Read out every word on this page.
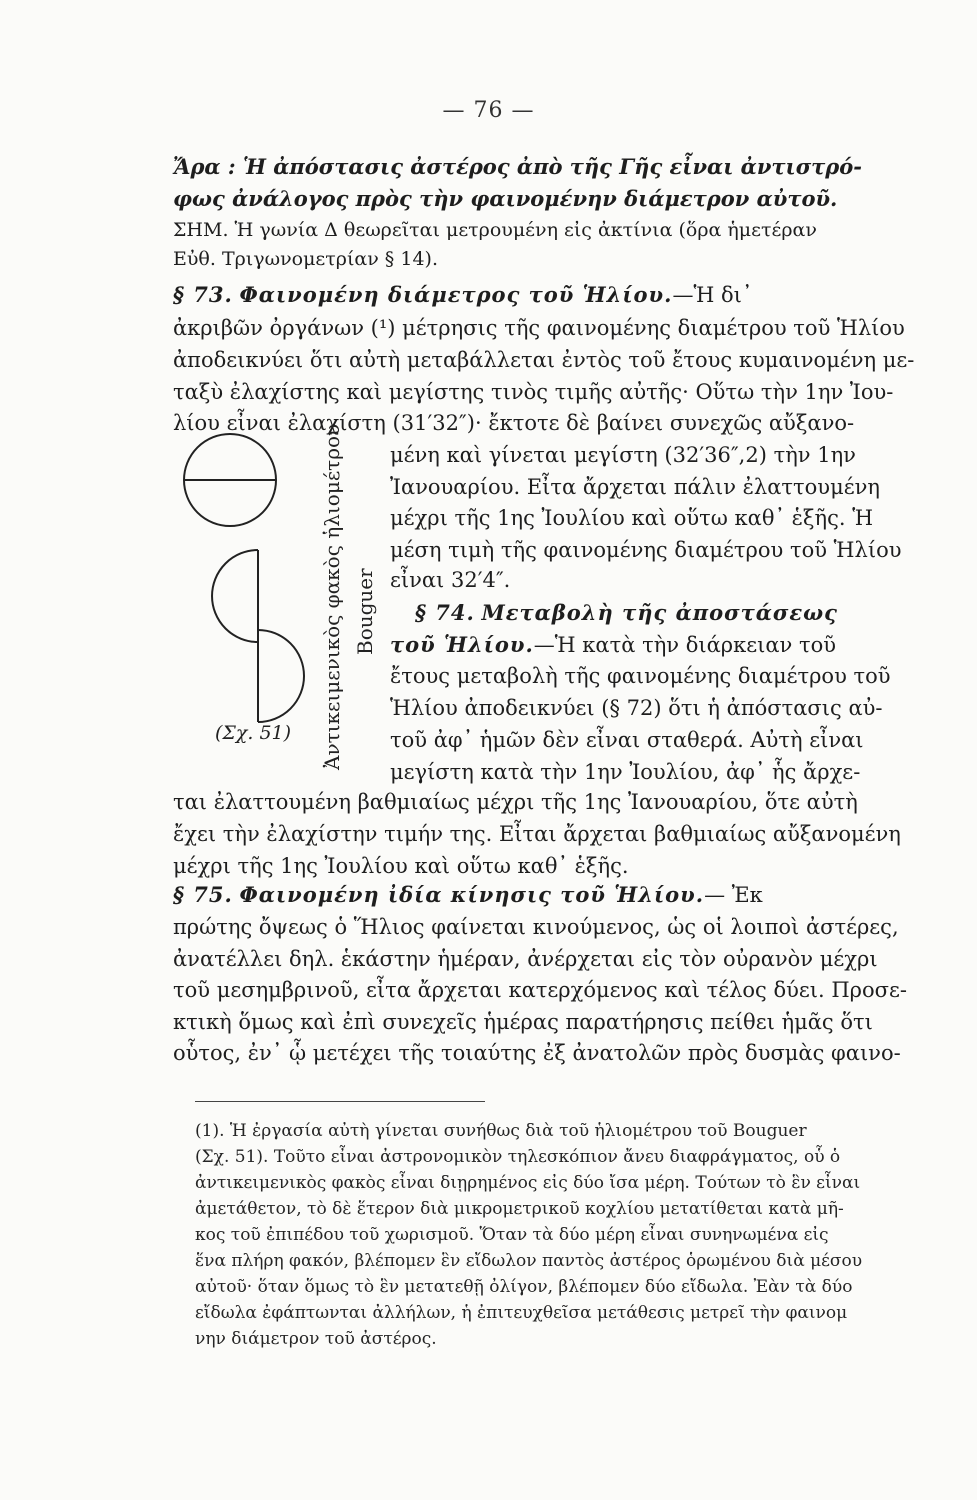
— 76 —
Ἄρα : Ἡ ἀπόστασις ἀστέρος ἀπὸ τῆς Γῆς εἶναι ἀντιστρό-
φως ἀνάλογος πρὸς τὴν φαινομένην διάμετρον αὐτοῦ.
ΣΗΜ. Ἡ γωνία Δ θεωρεῖται μετρουμένη εἰς ἀκτίνια (ὅρα ἡμετέραν
Εὐθ. Τριγωνομετρίαν § 14).
§ 73. Φαινομένη διάμετρος τοῦ Ἡλίου.—Ἡ δι᾽
ἀκριβῶν ὀργάνων (¹) μέτρησις τῆς φαινομένης διαμέτρου τοῦ Ἡλίου
ἀποδεικνύει ὅτι αὐτὴ μεταβάλλεται ἐντὸς τοῦ ἔτους κυμαινομένη με-
ταξὺ ἐλαχίστης καὶ μεγίστης τινὸς τιμῆς αὐτῆς· Οὕτω τὴν 1ην Ἰου-
λίου εἶναι ἐλαχίστη (31′32″)· ἔκτοτε δὲ βαίνει συνεχῶς αὔξανο-
Ἀντικειμενικὸς φακὸς ἡλιομέτρου Bouguer
(Σχ. 51)
μένη καὶ γίνεται μεγίστη (32′36″,2) τὴν 1ην
Ἰανουαρίου. Εἶτα ἄρχεται πάλιν ἐλαττουμένη
μέχρι τῆς 1ης Ἰουλίου καὶ οὕτω καθ᾽ ἑξῆς. Ἡ
μέση τιμὴ τῆς φαινομένης διαμέτρου τοῦ Ἡλίου
εἶναι 32′4″.
§ 74. Μεταβολὴ τῆς ἀποστάσεως
τοῦ Ἡλίου.—Ἡ κατὰ τὴν διάρκειαν τοῦ
ἔτους μεταβολὴ τῆς φαινομένης διαμέτρου τοῦ
Ἡλίου ἀποδεικνύει (§ 72) ὅτι ἡ ἀπόστασις αὐ-
τοῦ ἀφ᾽ ἡμῶν δὲν εἶναι σταθερά. Αὐτὴ εἶναι
μεγίστη κατὰ τὴν 1ην Ἰουλίου, ἀφ᾽ ἧς ἄρχε-
ται ἐλαττουμένη βαθμιαίως μέχρι τῆς 1ης Ἰανουαρίου, ὅτε αὐτὴ
ἔχει τὴν ἐλαχίστην τιμήν της. Εἶται ἄρχεται βαθμιαίως αὔξανομένη
μέχρι τῆς 1ης Ἰουλίου καὶ οὕτω καθ᾽ ἑξῆς.
§ 75. Φαινομένη ἰδία κίνησις τοῦ Ἡλίου.— Ἐκ
πρώτης ὄψεως ὁ Ἥλιος φαίνεται κινούμενος, ὡς οἱ λοιποὶ ἀστέρες,
ἀνατέλλει δηλ. ἑκάστην ἡμέραν, ἀνέρχεται εἰς τὸν οὐρανὸν μέχρι
τοῦ μεσημβρινοῦ, εἶτα ἄρχεται κατερχόμενος καὶ τέλος δύει. Προσε-
κτικὴ ὅμως καὶ ἐπὶ συνεχεῖς ἡμέρας παρατήρησις πείθει ἡμᾶς ὅτι
οὗτος, ἐν᾽ ᾧ μετέχει τῆς τοιαύτης ἐξ ἀνατολῶν πρὸς δυσμὰς φαινο-
(1). Ἡ ἐργασία αὐτὴ γίνεται συνήθως διὰ τοῦ ἡλιομέτρου τοῦ Bouguer
(Σχ. 51). Τοῦτο εἶναι ἀστρονομικὸν τηλεσκόπιον ἄνευ διαφράγματος, οὗ ὁ
ἀντικειμενικὸς φακὸς εἶναι διῃρημένος εἰς δύο ἴσα μέρη. Τούτων τὸ ἓν εἶναι
ἀμετάθετον, τὸ δὲ ἕτερον διὰ μικρομετρικοῦ κοχλίου μετατίθεται κατὰ μῆ-
κος τοῦ ἐπιπέδου τοῦ χωρισμοῦ. Ὅταν τὰ δύο μέρη εἶναι συνηνωμένα εἰς
ἕνα πλήρη φακόν, βλέπομεν ἓν εἴδωλον παντὸς ἀστέρος ὁρωμένου διὰ μέσου
αὐτοῦ· ὅταν ὅμως τὸ ἓν μετατεθῇ ὀλίγον, βλέπομεν δύο εἴδωλα. Ἐὰν τὰ δύο
εἴδωλα ἐφάπτωνται ἀλλήλων, ἡ ἐπιτευχθεῖσα μετάθεσις μετρεῖ τὴν φαινομ
νην διάμετρον τοῦ ἀστέρος.
